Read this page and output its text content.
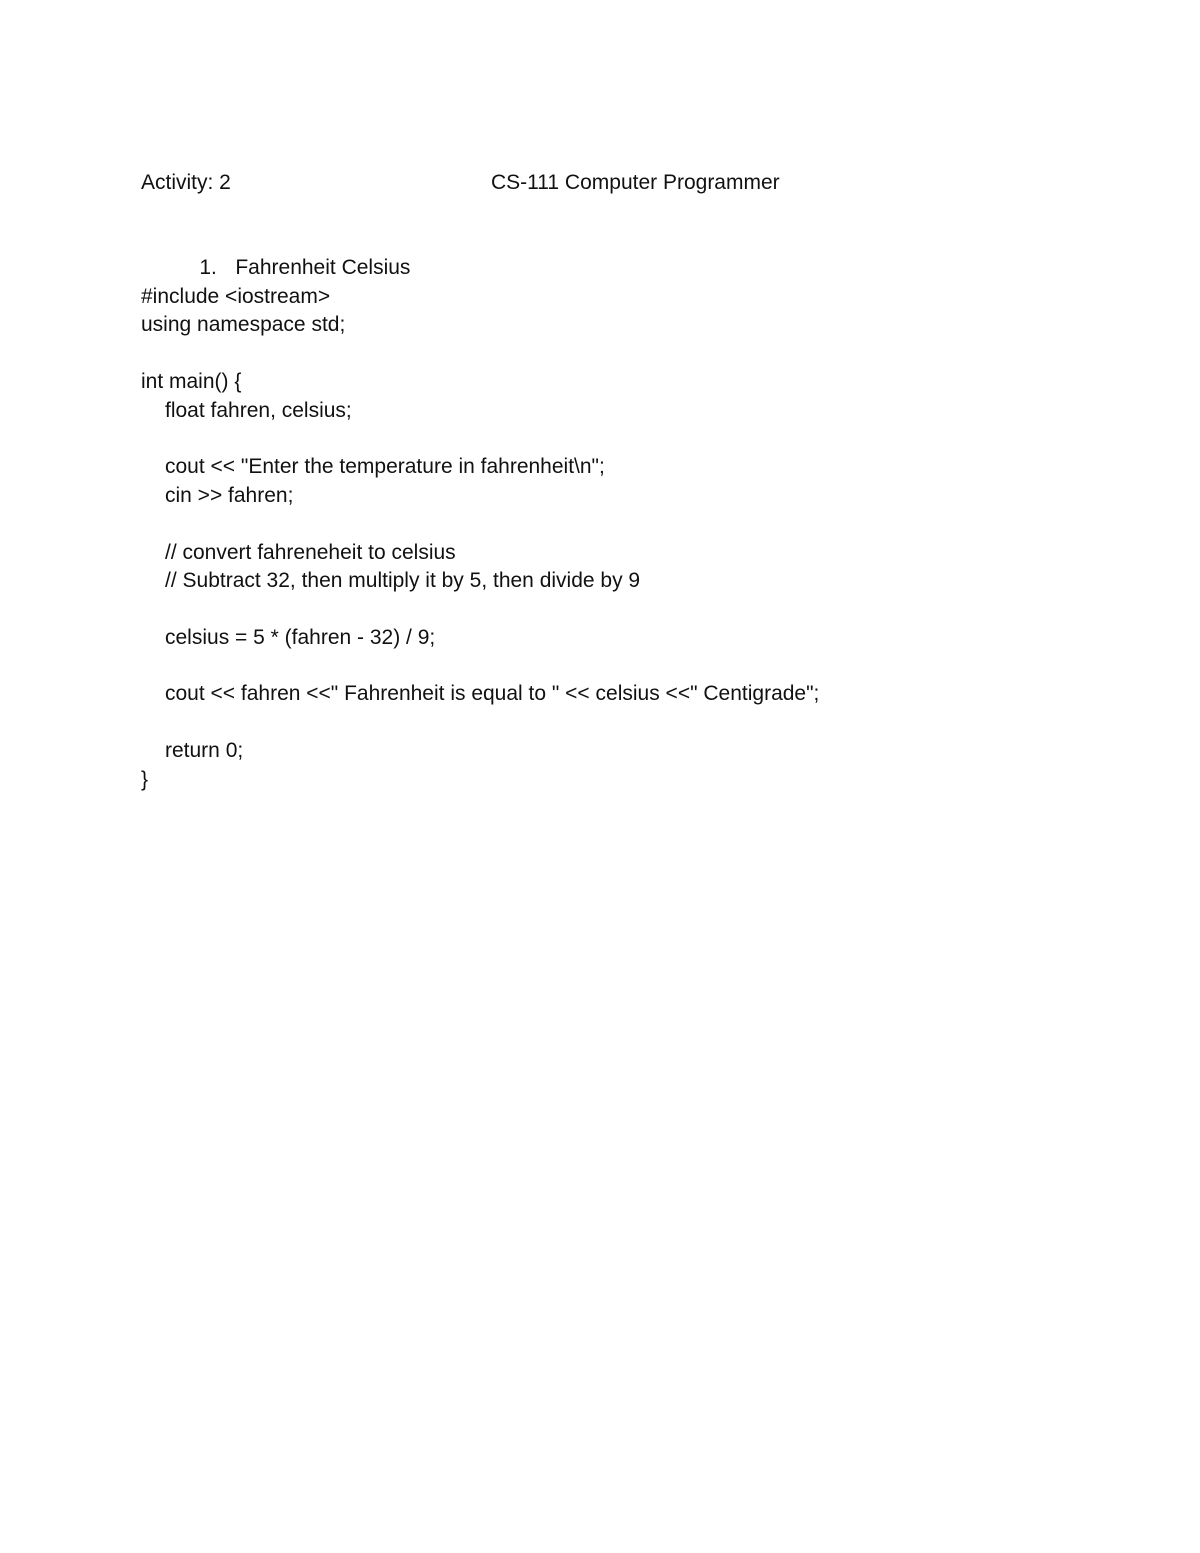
Activity: 2	CS-111 Computer Programmer

1. Fahrenheit Celsius

#include <iostream>
using namespace std;
int main() {
float fahren, celsius;
cout << "Enter the temperature in fahrenheit\n";
cin >> fahren;
// convert fahreneheit to celsius
// Subtract 32, then multiply it by 5, then divide by 9
celsius = 5 * (fahren - 32) / 9;
cout << fahren <<" Fahrenheit is equal to " << celsius <<" Centigrade";
return 0;
}
